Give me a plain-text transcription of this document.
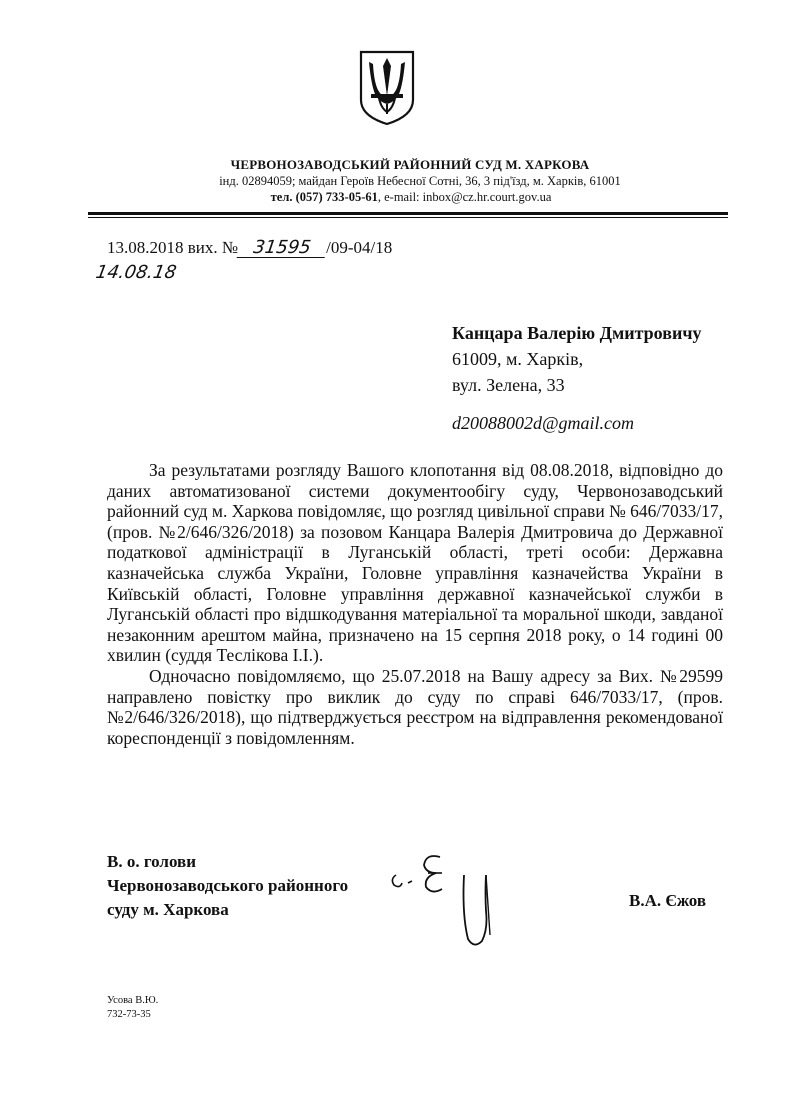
ЧЕРВОНОЗАВОДСЬКИЙ РАЙОННИЙ СУД М. ХАРКОВА
інд. 02894059; майдан Героїв Небесної Сотні, 36, 3 під'їзд, м. Харків, 61001
тел. (057) 733-05-61, e-mail: inbox@cz.hr.court.gov.ua
13.08.2018 вих. № 31595 /09-04/18
14.08.18
Канцара Валерію Дмитровичу
61009, м. Харків,
вул. Зелена, 33
d20088002d@gmail.com

За результатами розгляду Вашого клопотання від 08.08.2018, відповідно до даних автоматизованої системи документообігу суду, Червонозаводський районний суд м. Харкова повідомляє, що розгляд цивільної справи № 646/7033/17, (пров. №2/646/326/2018) за позовом Канцара Валерія Дмитровича до Державної податкової адміністрації в Луганській області, треті особи: Державна казначейська служба України, Головне управління казначейства України в Київській області, Головне управління державної казначейської служби в Луганській області про відшкодування матеріальної та моральної шкоди, завданої незаконним арештом майна, призначено на 15 серпня 2018 року, о 14 годині 00 хвилин (суддя Теслікова І.І.).

Одночасно повідомляємо, що 25.07.2018 на Вашу адресу за Вих. №29599 направлено повістку про виклик до суду по справі 646/7033/17, (пров. №2/646/326/2018), що підтверджується реєстром на відправлення рекомендованої кореспонденції з повідомленням.

В. о. голови
Червонозаводського районного
суду м. Харкова	В.А. Єжов
Усова В.Ю.
732-73-35
